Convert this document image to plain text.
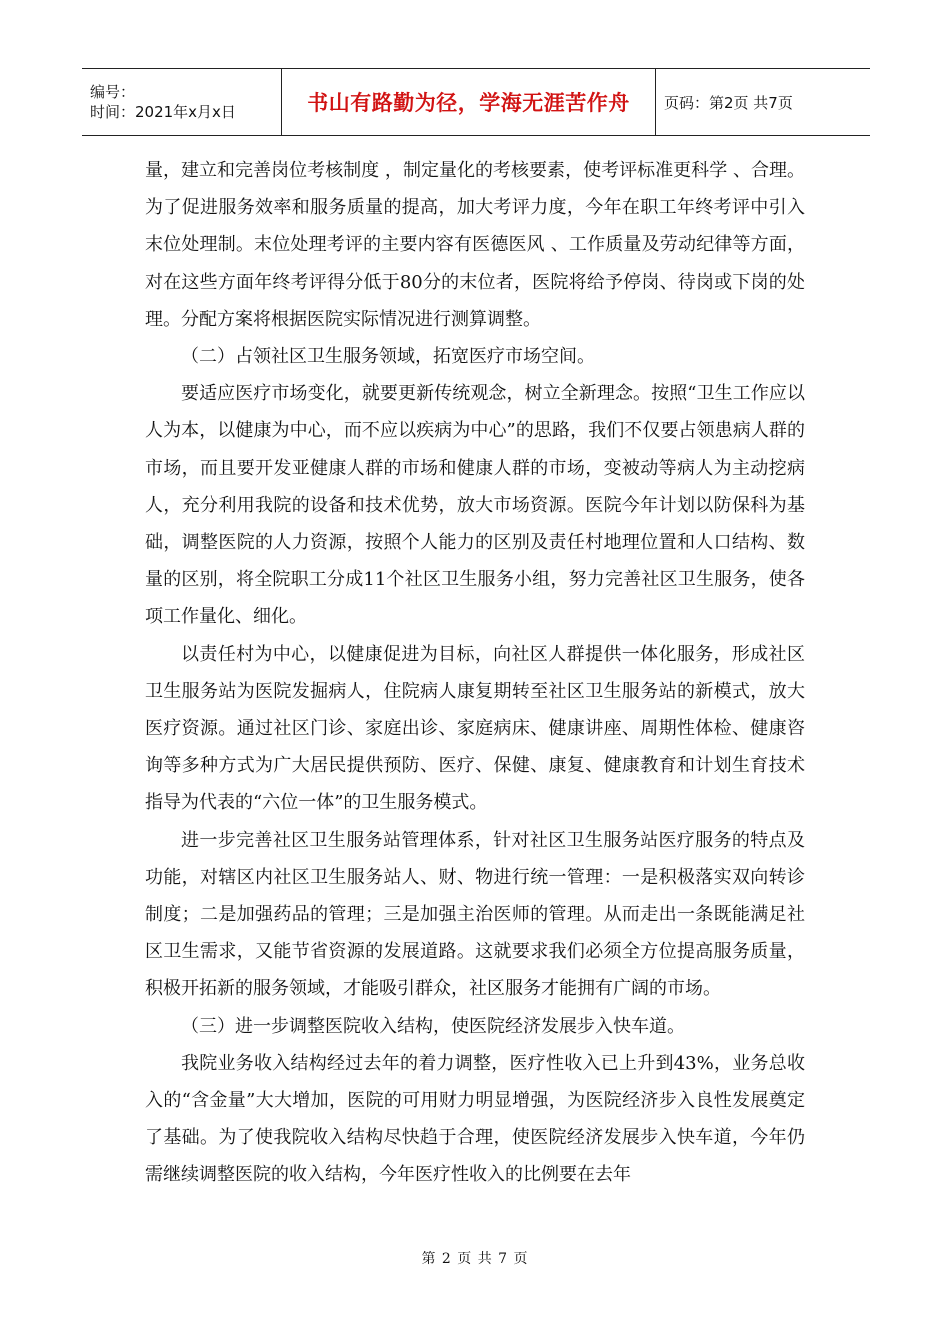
编号：
时间：2021年x月x日	书山有路勤为径，学海无涯苦作舟 页码：第2页 共7页

量，建立和完善岗位考核制度 ，制定量化的考核要素，使考评标准更科学 、合理。为了促进服务效率和服务质量的提高，加大考评力度，今年在职工年终考评中引入末位处理制。末位处理考评的主要内容有医德医风 、工作质量及劳动纪律等方面，对在这些方面年终考评得分低于80分的末位者，医院将给予停岗、待岗或下岗的处理。分配方案将根据医院实际情况进行测算调整。

（二）占领社区卫生服务领域，拓宽医疗市场空间。

要适应医疗市场变化，就要更新传统观念，树立全新理念。按照“卫生工作应以人为本，以健康为中心，而不应以疾病为中心”的思路，我们不仅要占领患病人群的市场，而且要开发亚健康人群的市场和健康人群的市场，变被动等病人为主动挖病人，充分利用我院的设备和技术优势，放大市场资源。医院今年计划以防保科为基础，调整医院的人力资源，按照个人能力的区别及责任村地理位置和人口结构、数量的区别，将全院职工分成11个社区卫生服务小组，努力完善社区卫生服务，使各项工作量化、细化。

以责任村为中心，以健康促进为目标，向社区人群提供一体化服务，形成社区卫生服务站为医院发掘病人，住院病人康复期转至社区卫生服务站的新模式，放大医疗资源。通过社区门诊、家庭出诊、家庭病床、健康讲座、周期性体检、健康咨询等多种方式为广大居民提供预防、医疗、保健、康复、健康教育和计划生育技术指导为代表的“六位一体”的卫生服务模式。

进一步完善社区卫生服务站管理体系，针对社区卫生服务站医疗服务的特点及功能，对辖区内社区卫生服务站人、财、物进行统一管理：一是积极落实双向转诊制度；二是加强药品的管理；三是加强主治医师的管理。从而走出一条既能满足社区卫生需求，又能节省资源的发展道路。这就要求我们必须全方位提高服务质量，积极开拓新的服务领域，才能吸引群众，社区服务才能拥有广阔的市场。

（三）进一步调整医院收入结构，使医院经济发展步入快车道。

我院业务收入结构经过去年的着力调整，医疗性收入已上升到43%，业务总收入的“含金量”大大增加，医院的可用财力明显增强，为医院经济步入良性发展奠定了基础。为了使我院收入结构尽快趋于合理，使医院经济发展步入快车道，今年仍需继续调整医院的收入结构，今年医疗性收入的比例要在去年

第 2 页 共 7 页
